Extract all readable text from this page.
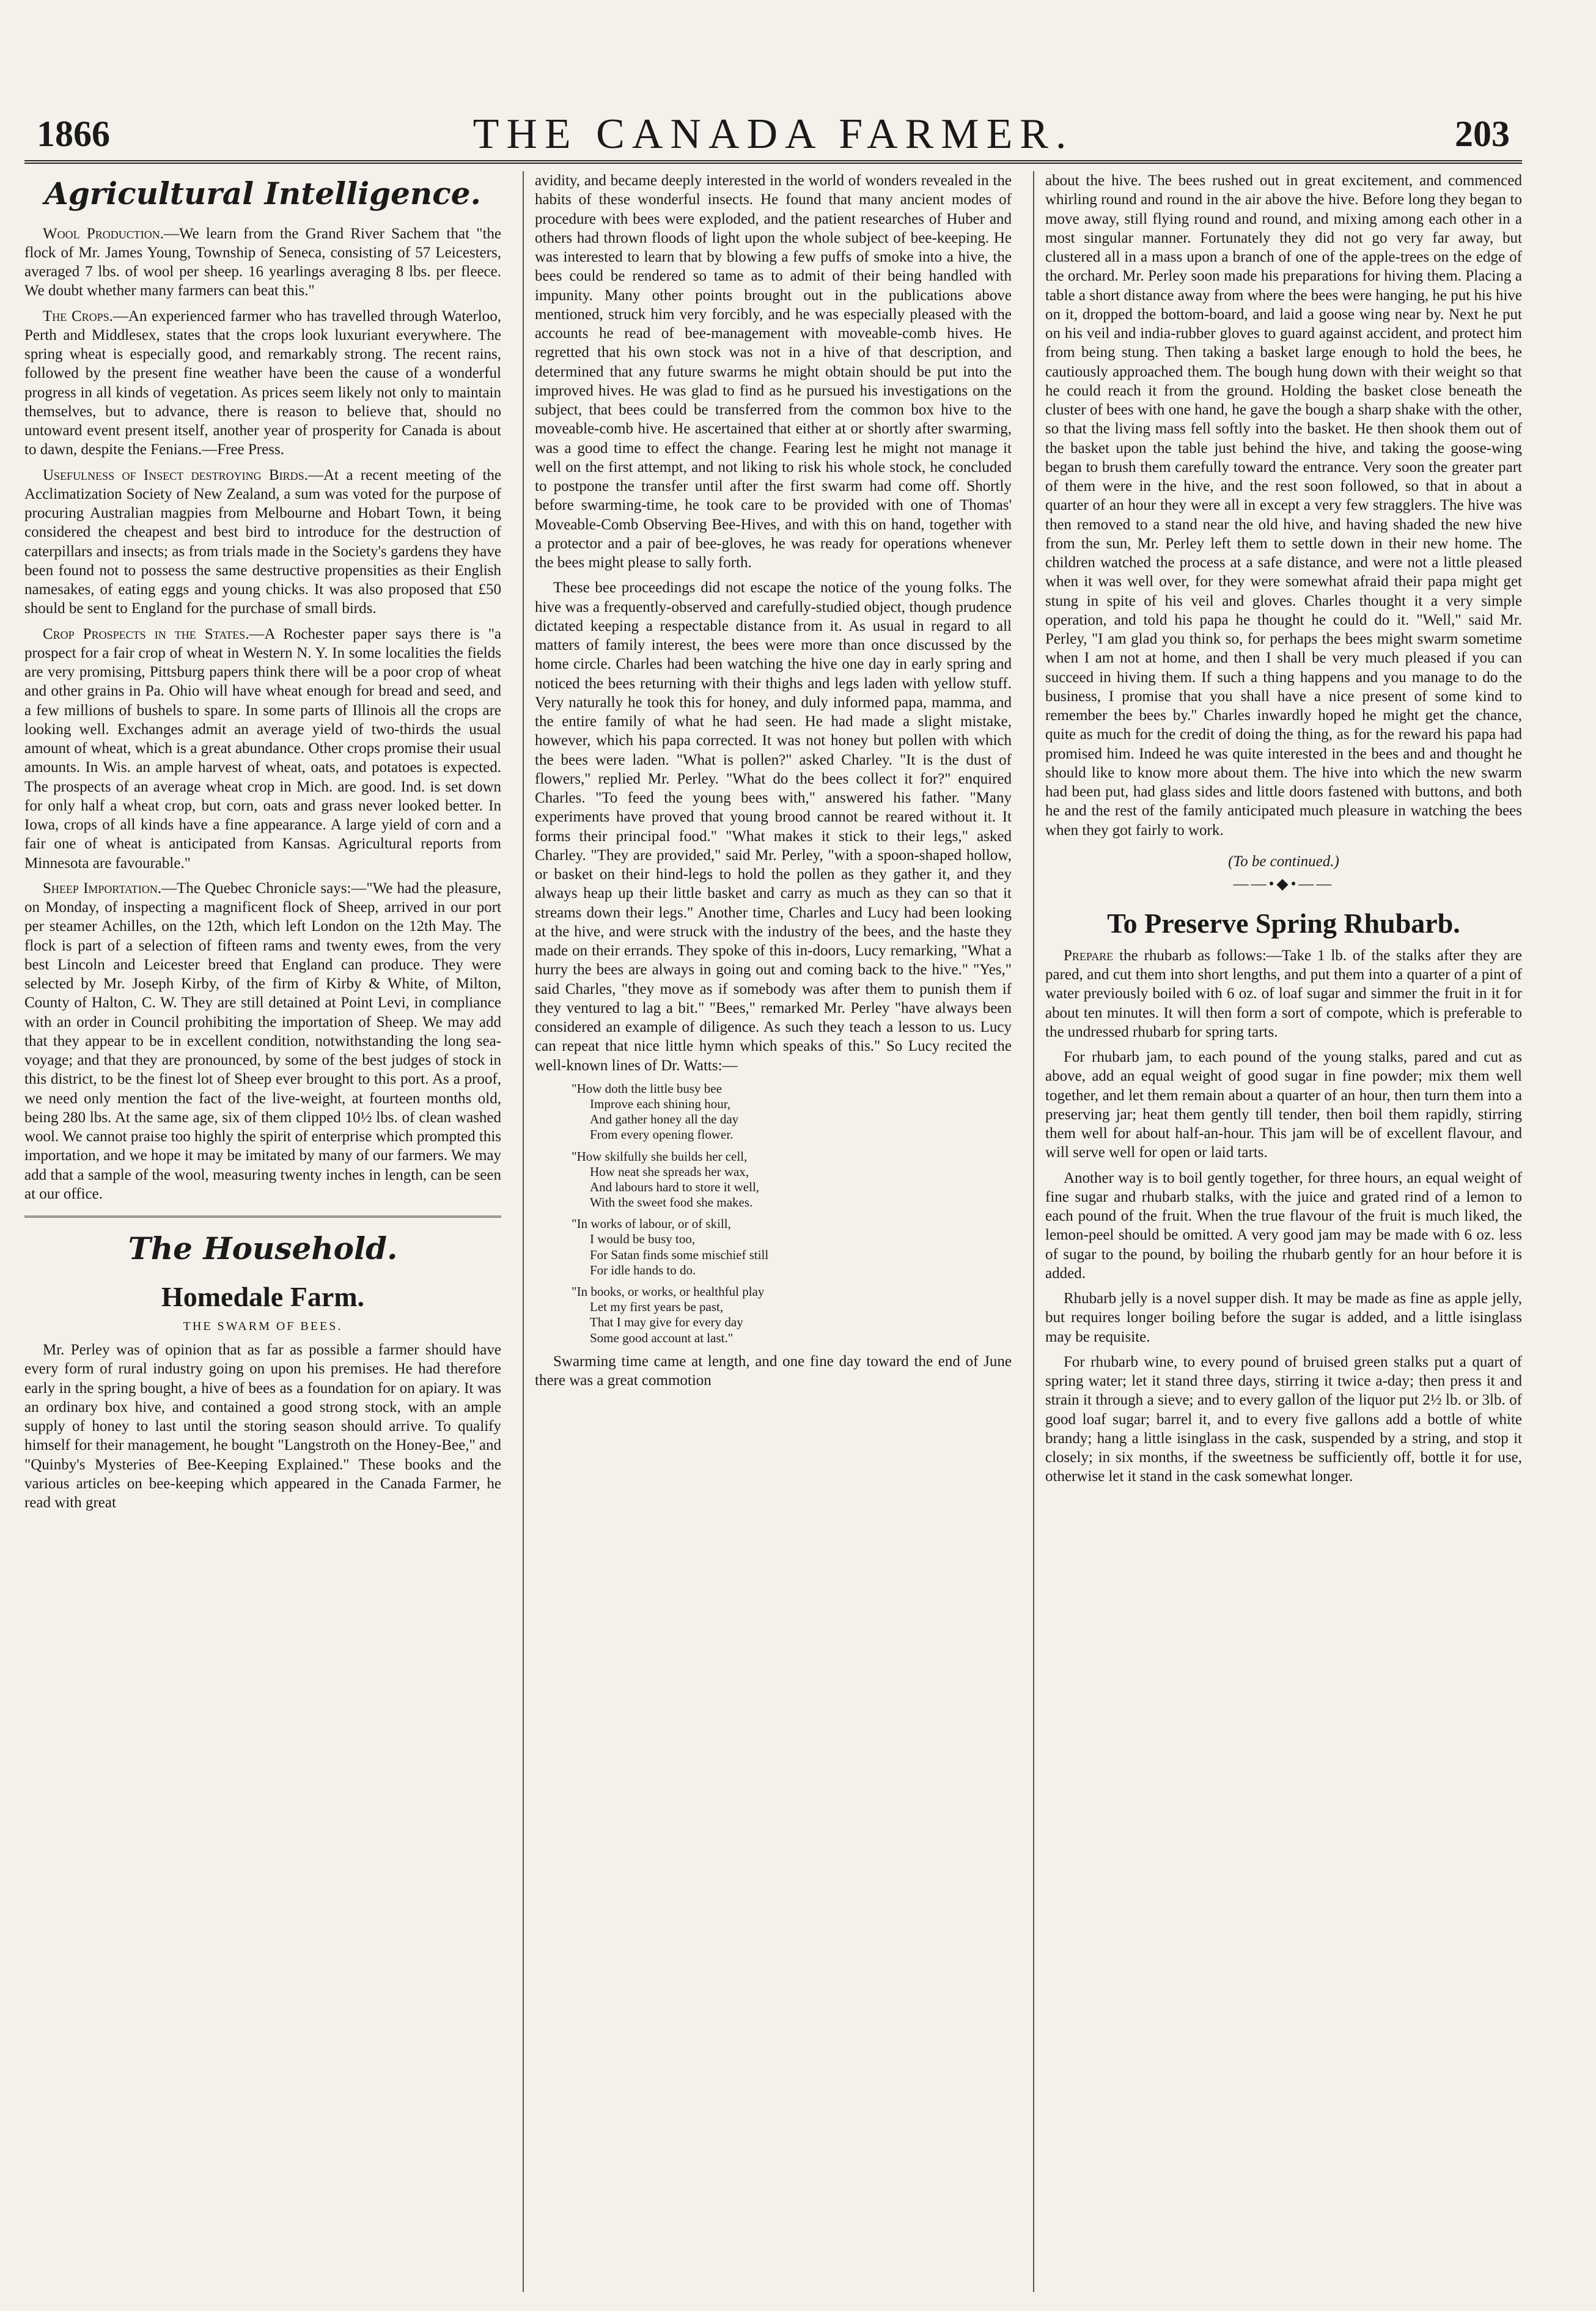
1866	THE CANADA FARMER.	203
Agricultural Intelligence.

Wool Production.—We learn from the Grand River Sachem that "the flock of Mr. James Young, Township of Seneca, consisting of 57 Leicesters, averaged 7 lbs. of wool per sheep. 16 yearlings averaging 8 lbs. per fleece. We doubt whether many farmers can beat this."

The Crops.—An experienced farmer who has travelled through Waterloo, Perth and Middlesex, states that the crops look luxuriant everywhere. The spring wheat is especially good, and remarkably strong. The recent rains, followed by the present fine weather have been the cause of a wonderful progress in all kinds of vegetation. As prices seem likely not only to maintain themselves, but to advance, there is reason to believe that, should no untoward event present itself, another year of prosperity for Canada is about to dawn, despite the Fenians.—Free Press.

Usefulness of Insect destroying Birds.—At a recent meeting of the Acclimatization Society of New Zealand, a sum was voted for the purpose of procuring Australian magpies from Melbourne and Hobart Town, it being considered the cheapest and best bird to introduce for the destruction of caterpillars and insects; as from trials made in the Society's gardens they have been found not to possess the same destructive propensities as their English namesakes, of eating eggs and young chicks. It was also proposed that £50 should be sent to England for the purchase of small birds.

Crop Prospects in the States.—A Rochester paper says there is "a prospect for a fair crop of wheat in Western N. Y. In some localities the fields are very promising, Pittsburg papers think there will be a poor crop of wheat and other grains in Pa. Ohio will have wheat enough for bread and seed, and a few millions of bushels to spare. In some parts of Illinois all the crops are looking well. Exchanges admit an average yield of two-thirds the usual amount of wheat, which is a great abundance. Other crops promise their usual amounts. In Wis. an ample harvest of wheat, oats, and potatoes is expected. The prospects of an average wheat crop in Mich. are good. Ind. is set down for only half a wheat crop, but corn, oats and grass never looked better. In Iowa, crops of all kinds have a fine appearance. A large yield of corn and a fair one of wheat is anticipated from Kansas. Agricultural reports from Minnesota are favourable."

Sheep Importation.—The Quebec Chronicle says:—"We had the pleasure, on Monday, of inspecting a magnificent flock of Sheep, arrived in our port per steamer Achilles, on the 12th, which left London on the 12th May. The flock is part of a selection of fifteen rams and twenty ewes, from the very best Lincoln and Leicester breed that England can produce. They were selected by Mr. Joseph Kirby, of the firm of Kirby & White, of Milton, County of Halton, C. W. They are still detained at Point Levi, in compliance with an order in Council prohibiting the importation of Sheep. We may add that they appear to be in excellent condition, notwithstanding the long sea-voyage; and that they are pronounced, by some of the best judges of stock in this district, to be the finest lot of Sheep ever brought to this port. As a proof, we need only mention the fact of the live-weight, at fourteen months old, being 280 lbs. At the same age, six of them clipped 10½ lbs. of clean washed wool. We cannot praise too highly the spirit of enterprise which prompted this importation, and we hope it may be imitated by many of our farmers. We may add that a sample of the wool, measuring twenty inches in length, can be seen at our office.

The Household.
Homedale Farm.
THE SWARM OF BEES.

Mr. Perley was of opinion that as far as possible a farmer should have every form of rural industry going on upon his premises. He had therefore early in the spring bought, a hive of bees as a foundation for on apiary. It was an ordinary box hive, and contained a good strong stock, with an ample supply of honey to last until the storing season should arrive. To qualify himself for their management, he bought "Langstroth on the Honey-Bee," and "Quinby's Mysteries of Bee-Keeping Explained." These books and the various articles on bee-keeping which appeared in the Canada Farmer, he read with great

avidity, and became deeply interested in the world of wonders revealed in the habits of these wonderful insects. He found that many ancient modes of procedure with bees were exploded, and the patient researches of Huber and others had thrown floods of light upon the whole subject of bee-keeping. He was interested to learn that by blowing a few puffs of smoke into a hive, the bees could be rendered so tame as to admit of their being handled with impunity. Many other points brought out in the publications above mentioned, struck him very forcibly, and he was especially pleased with the accounts he read of bee-management with moveable-comb hives. He regretted that his own stock was not in a hive of that description, and determined that any future swarms he might obtain should be put into the improved hives. He was glad to find as he pursued his investigations on the subject, that bees could be transferred from the common box hive to the moveable-comb hive. He ascertained that either at or shortly after swarming, was a good time to effect the change. Fearing lest he might not manage it well on the first attempt, and not liking to risk his whole stock, he concluded to postpone the transfer until after the first swarm had come off. Shortly before swarming-time, he took care to be provided with one of Thomas' Moveable-Comb Observing Bee-Hives, and with this on hand, together with a protector and a pair of bee-gloves, he was ready for operations whenever the bees might please to sally forth.

These bee proceedings did not escape the notice of the young folks. The hive was a frequently-observed and carefully-studied object, though prudence dictated keeping a respectable distance from it. As usual in regard to all matters of family interest, the bees were more than once discussed by the home circle. Charles had been watching the hive one day in early spring and noticed the bees returning with their thighs and legs laden with yellow stuff. Very naturally he took this for honey, and duly informed papa, mamma, and the entire family of what he had seen. He had made a slight mistake, however, which his papa corrected. It was not honey but pollen with which the bees were laden. "What is pollen?" asked Charley. "It is the dust of flowers," replied Mr. Perley. "What do the bees collect it for?" enquired Charles. "To feed the young bees with," answered his father. "Many experiments have proved that young brood cannot be reared without it. It forms their principal food." "What makes it stick to their legs," asked Charley. "They are provided," said Mr. Perley, "with a spoon-shaped hollow, or basket on their hind-legs to hold the pollen as they gather it, and they always heap up their little basket and carry as much as they can so that it streams down their legs." Another time, Charles and Lucy had been looking at the hive, and were struck with the industry of the bees, and the haste they made on their errands. They spoke of this in-doors, Lucy remarking, "What a hurry the bees are always in going out and coming back to the hive." "Yes," said Charles, "they move as if somebody was after them to punish them if they ventured to lag a bit." "Bees," remarked Mr. Perley "have always been considered an example of diligence. As such they teach a lesson to us. Lucy can repeat that nice little hymn which speaks of this." So Lucy recited the well-known lines of Dr. Watts:—

"How doth the little busy bee
Improve each shining hour,
And gather honey all the day
From every opening flower.
"How skilfully she builds her cell,
How neat she spreads her wax,
And labours hard to store it well,
With the sweet food she makes.
"In works of labour, or of skill,
I would be busy too,
For Satan finds some mischief still
For idle hands to do.
"In books, or works, or healthful play
Let my first years be past,
That I may give for every day
Some good account at last."

Swarming time came at length, and one fine day toward the end of June there was a great commotion

about the hive. The bees rushed out in great excitement, and commenced whirling round and round in the air above the hive. Before long they began to move away, still flying round and round, and mixing among each other in a most singular manner. Fortunately they did not go very far away, but clustered all in a mass upon a branch of one of the apple-trees on the edge of the orchard. Mr. Perley soon made his preparations for hiving them. Placing a table a short distance away from where the bees were hanging, he put his hive on it, dropped the bottom-board, and laid a goose wing near by. Next he put on his veil and india-rubber gloves to guard against accident, and protect him from being stung. Then taking a basket large enough to hold the bees, he cautiously approached them. The bough hung down with their weight so that he could reach it from the ground. Holding the basket close beneath the cluster of bees with one hand, he gave the bough a sharp shake with the other, so that the living mass fell softly into the basket. He then shook them out of the basket upon the table just behind the hive, and taking the goose-wing began to brush them carefully toward the entrance. Very soon the greater part of them were in the hive, and the rest soon followed, so that in about a quarter of an hour they were all in except a very few stragglers. The hive was then removed to a stand near the old hive, and having shaded the new hive from the sun, Mr. Perley left them to settle down in their new home. The children watched the process at a safe distance, and were not a little pleased when it was well over, for they were somewhat afraid their papa might get stung in spite of his veil and gloves. Charles thought it a very simple operation, and told his papa he thought he could do it. "Well," said Mr. Perley, "I am glad you think so, for perhaps the bees might swarm sometime when I am not at home, and then I shall be very much pleased if you can succeed in hiving them. If such a thing happens and you manage to do the business, I promise that you shall have a nice present of some kind to remember the bees by." Charles inwardly hoped he might get the chance, quite as much for the credit of doing the thing, as for the reward his papa had promised him. Indeed he was quite interested in the bees and and thought he should like to know more about them. The hive into which the new swarm had been put, had glass sides and little doors fastened with buttons, and both he and the rest of the family anticipated much pleasure in watching the bees when they got fairly to work.

(To be continued.)
——•◆•——
To Preserve Spring Rhubarb.

Prepare the rhubarb as follows:—Take 1 lb. of the stalks after they are pared, and cut them into short lengths, and put them into a quarter of a pint of water previously boiled with 6 oz. of loaf sugar and simmer the fruit in it for about ten minutes. It will then form a sort of compote, which is preferable to the undressed rhubarb for spring tarts.

For rhubarb jam, to each pound of the young stalks, pared and cut as above, add an equal weight of good sugar in fine powder; mix them well together, and let them remain about a quarter of an hour, then turn them into a preserving jar; heat them gently till tender, then boil them rapidly, stirring them well for about half-an-hour. This jam will be of excellent flavour, and will serve well for open or laid tarts.

Another way is to boil gently together, for three hours, an equal weight of fine sugar and rhubarb stalks, with the juice and grated rind of a lemon to each pound of the fruit. When the true flavour of the fruit is much liked, the lemon-peel should be omitted. A very good jam may be made with 6 oz. less of sugar to the pound, by boiling the rhubarb gently for an hour before it is added.

Rhubarb jelly is a novel supper dish. It may be made as fine as apple jelly, but requires longer boiling before the sugar is added, and a little isinglass may be requisite.

For rhubarb wine, to every pound of bruised green stalks put a quart of spring water; let it stand three days, stirring it twice a-day; then press it and strain it through a sieve; and to every gallon of the liquor put 2½ lb. or 3lb. of good loaf sugar; barrel it, and to every five gallons add a bottle of white brandy; hang a little isinglass in the cask, suspended by a string, and stop it closely; in six months, if the sweetness be sufficiently off, bottle it for use, otherwise let it stand in the cask somewhat longer.
